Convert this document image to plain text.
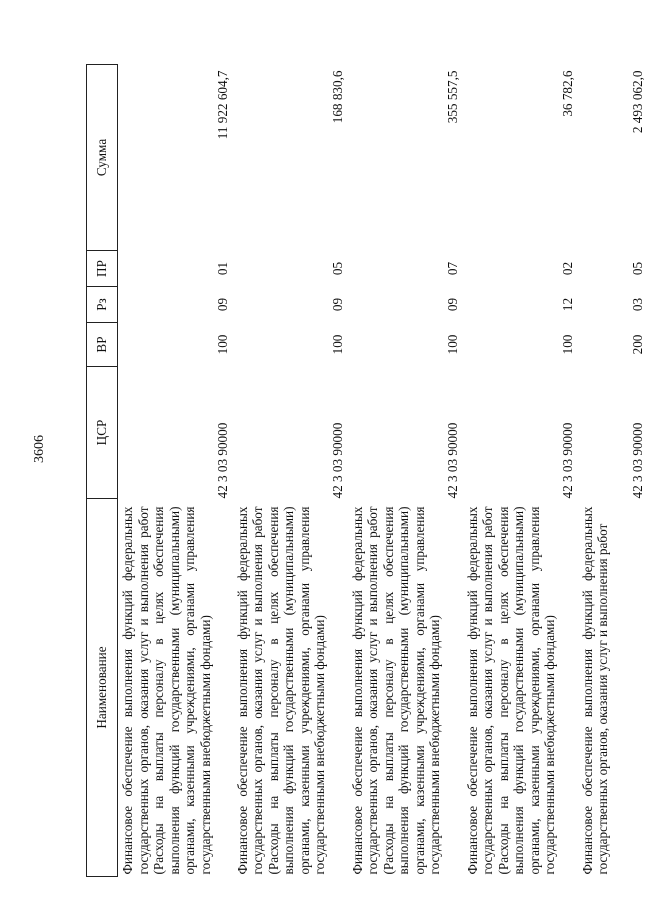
3606
Наименование	ЦСР	ВР	Рз	ПР	Сумма
Финансовое обеспечение выполнения функций федеральных государственных органов, оказания услуг и выполнения работ (Расходы на выплаты персоналу в целях обеспечения выполнения функций государственными (муниципальными) органами, казенными учреждениями, органами управления государственными внебюджетными фондами)	42 3 03 90000	100	09	01	11 922 604,7
Финансовое обеспечение выполнения функций федеральных государственных органов, оказания услуг и выполнения работ (Расходы на выплаты персоналу в целях обеспечения выполнения функций государственными (муниципальными) органами, казенными учреждениями, органами управления государственными внебюджетными фондами)	42 3 03 90000	100	09	05	168 830,6
Финансовое обеспечение выполнения функций федеральных государственных органов, оказания услуг и выполнения работ (Расходы на выплаты персоналу в целях обеспечения выполнения функций государственными (муниципальными) органами, казенными учреждениями, органами управления государственными внебюджетными фондами)	42 3 03 90000	100	09	07	355 557,5
Финансовое обеспечение выполнения функций федеральных государственных органов, оказания услуг и выполнения работ (Расходы на выплаты персоналу в целях обеспечения выполнения функций государственными (муниципальными) органами, казенными учреждениями, органами управления государственными внебюджетными фондами)	42 3 03 90000	100	12	02	36 782,6
Финансовое обеспечение выполнения функций федеральных государственных органов, оказания услуг и выполнения работ	42 3 03 90000	200	03	05	2 493 062,0
